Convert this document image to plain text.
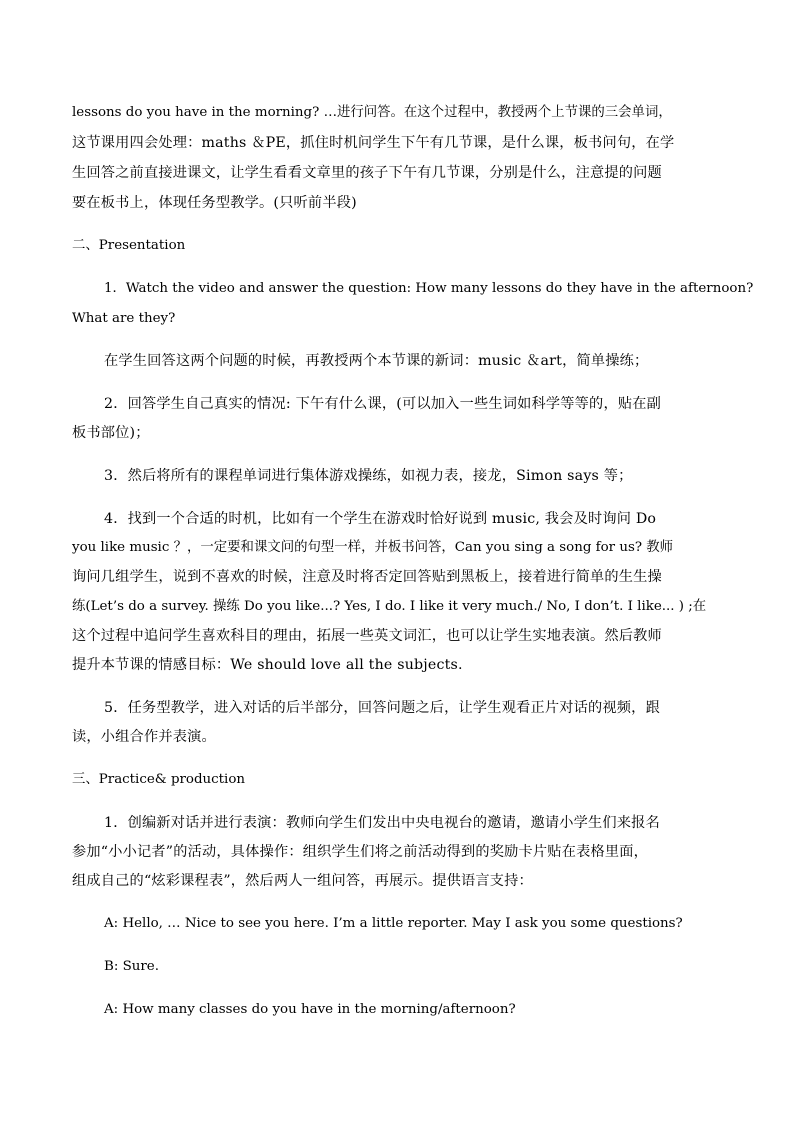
lessons do you have in the morning? …进行问答。在这个过程中，教授两个上节课的三会单词，
这节课用四会处理：maths ＆PE，抓住时机问学生下午有几节课，是什么课，板书问句，在学
生回答之前直接进课文，让学生看看文章里的孩子下午有几节课，分别是什么，注意提的问题
要在板书上，体现任务型教学。(只听前半段)
二、Presentation
1．Watch the video and answer the question: How many lessons do they have in the afternoon?
What are they?
在学生回答这两个问题的时候，再教授两个本节课的新词：music ＆art，简单操练；
2．回答学生自己真实的情况: 下午有什么课，(可以加入一些生词如科学等等的，贴在副
板书部位)；
3．然后将所有的课程单词进行集体游戏操练，如视力表，接龙，Simon says 等；
4．找到一个合适的时机，比如有一个学生在游戏时恰好说到 music, 我会及时询问 Do
you like music ？，一定要和课文问的句型一样，并板书问答，Can you sing a song for us? 教师
询问几组学生，说到不喜欢的时候，注意及时将否定回答贴到黑板上，接着进行简单的生生操
练(Let’s do a survey. 操练 Do you like...? Yes, I do. I like it very much./ No, I don’t. I like... ) ;在
这个过程中追问学生喜欢科目的理由，拓展一些英文词汇，也可以让学生实地表演。然后教师
提升本节课的情感目标：We should love all the subjects.
5．任务型教学，进入对话的后半部分，回答问题之后，让学生观看正片对话的视频，跟
读，小组合作并表演。
三、Practice& production
1．创编新对话并进行表演：教师向学生们发出中央电视台的邀请，邀请小学生们来报名
参加“小小记者”的活动，具体操作：组织学生们将之前活动得到的奖励卡片贴在表格里面，
组成自己的“炫彩课程表”，然后两人一组问答，再展示。提供语言支持：
A: Hello, … Nice to see you here. I’m a little reporter. May I ask you some questions?
B: Sure.
A: How many classes do you have in the morning/afternoon?
